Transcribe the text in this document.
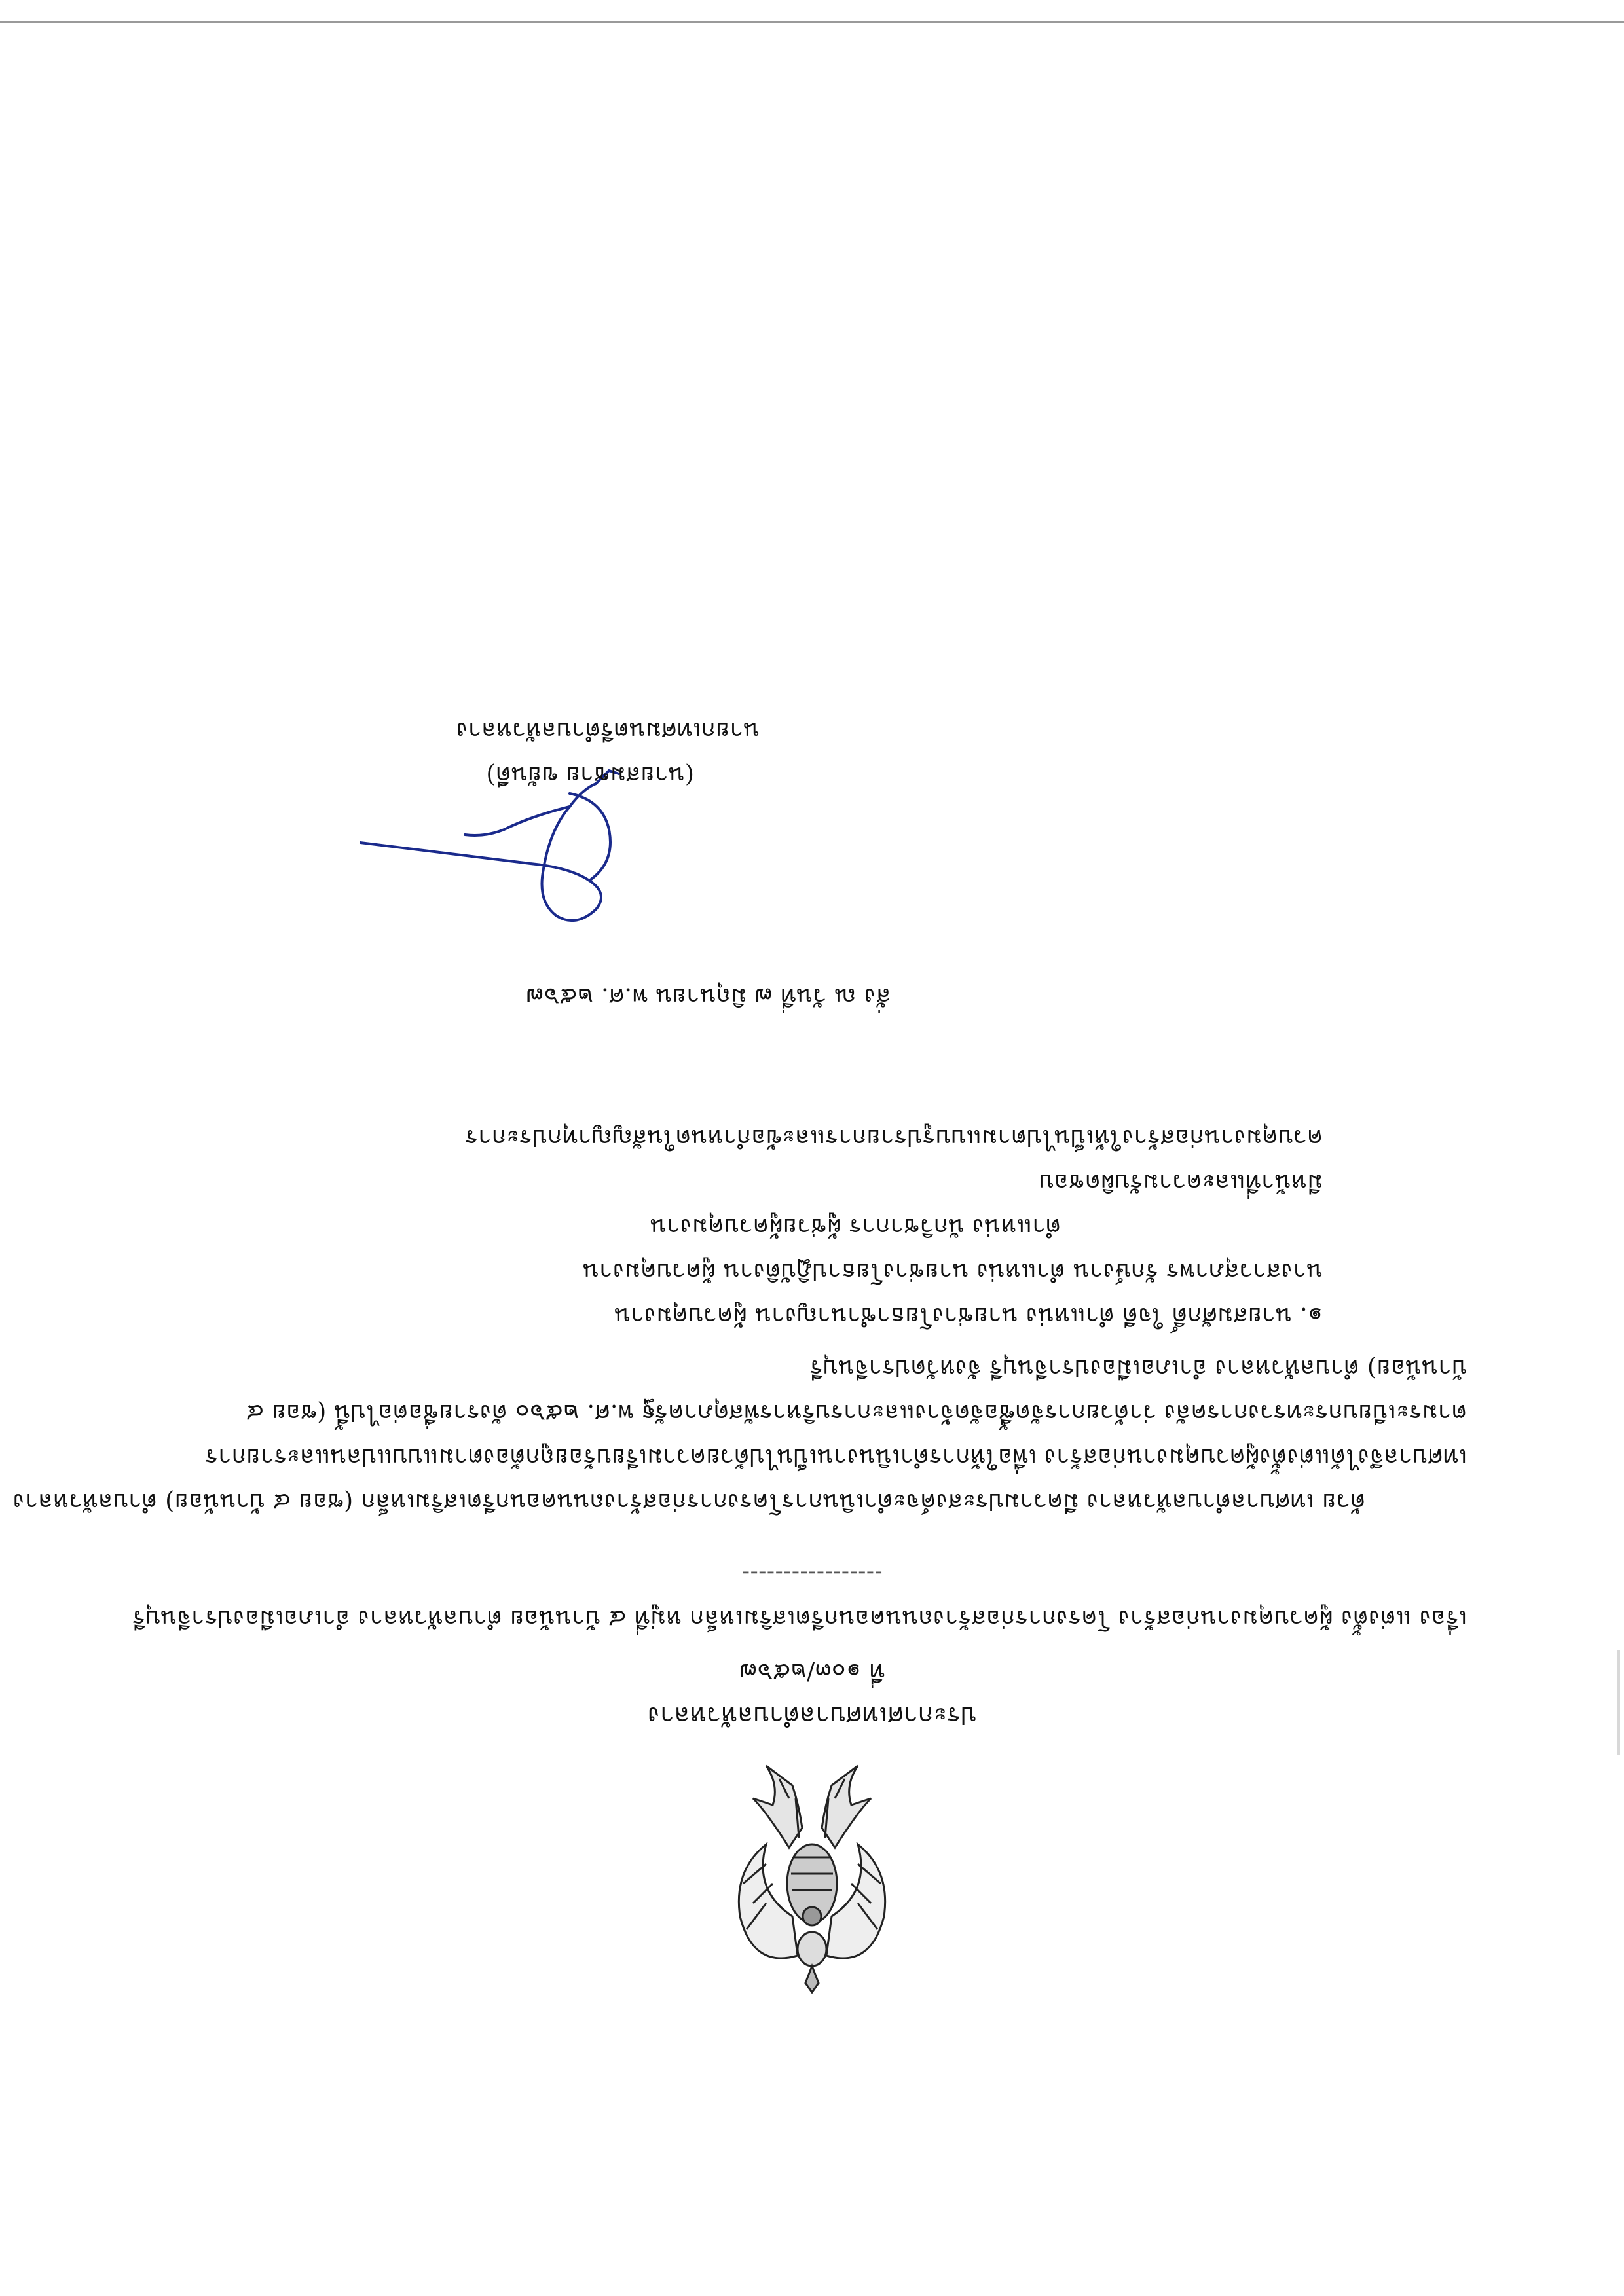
ประกาศเทศบาลตำบลหัวหลาง
ที่ ๑๐๓/๒๕๖๗
เรื่อง แต่งตั้ง ผู้ควบคุมงานก่อสร้าง โครงการก่อสร้างถนนคอนกรีตเสริมเหล็ก หมู่ที่ ๔ บ้านน้อย ตำบลหัวหลาง อำเภอเมืองปราจีนบุรี
-----------------
ด้วย เทศบาลตำบลหัวหลาง มีความประสงค์จะดำเนินการโครงการก่อสร้างถนนคอนกรีตเสริมเหล็ก (ซอย ๔ บ้านน้อย) ตำบลหัวหลาง
เทศบาลจึงได้แต่งตั้งผู้ควบคุมงานก่อสร้าง เพื่อให้การดำเนินงานเป็นไปด้วยความเรียบร้อยถูกต้องตามแบบแปลนและรายการ
ตามระเบียบกระทรวงการคลัง ว่าด้วยการจัดซื้อจัดจ้างและการบริหารพัสดุภาครัฐ พ.ศ. ๒๕๖๐ ดังรายชื่อต่อไปนี้ (ซอย ๔
บ้านน้อย) ตำบลหัวหลาง อำเภอเมืองปราจีนบุรี จังหวัดปราจีนบุรี
๑. นายสมศักดิ์ ใจดี ตำแหน่ง นายช่างโยธาชำนาญงาน ผู้ควบคุมงาน
นางสาวสุภาพร รักษ์งาน ตำแหน่ง นายช่างโยธาปฏิบัติงาน ผู้ควบคุมงาน
ตำแหน่ง นักวิชาการ ผู้ช่วยผู้ควบคุมงาน
มีหน้าที่และความรับผิดชอบ
ควบคุมงานก่อสร้างให้เป็นไปตามแบบรูปรายการและข้อกำหนดในสัญญาทุกประการ
สั่ง ณ วันที่ ๗ มิถุนายน พ.ศ. ๒๕๖๗
(นายสมชาย ขยันดี)
นายกเทศมนตรีตำบลหัวหลาง
